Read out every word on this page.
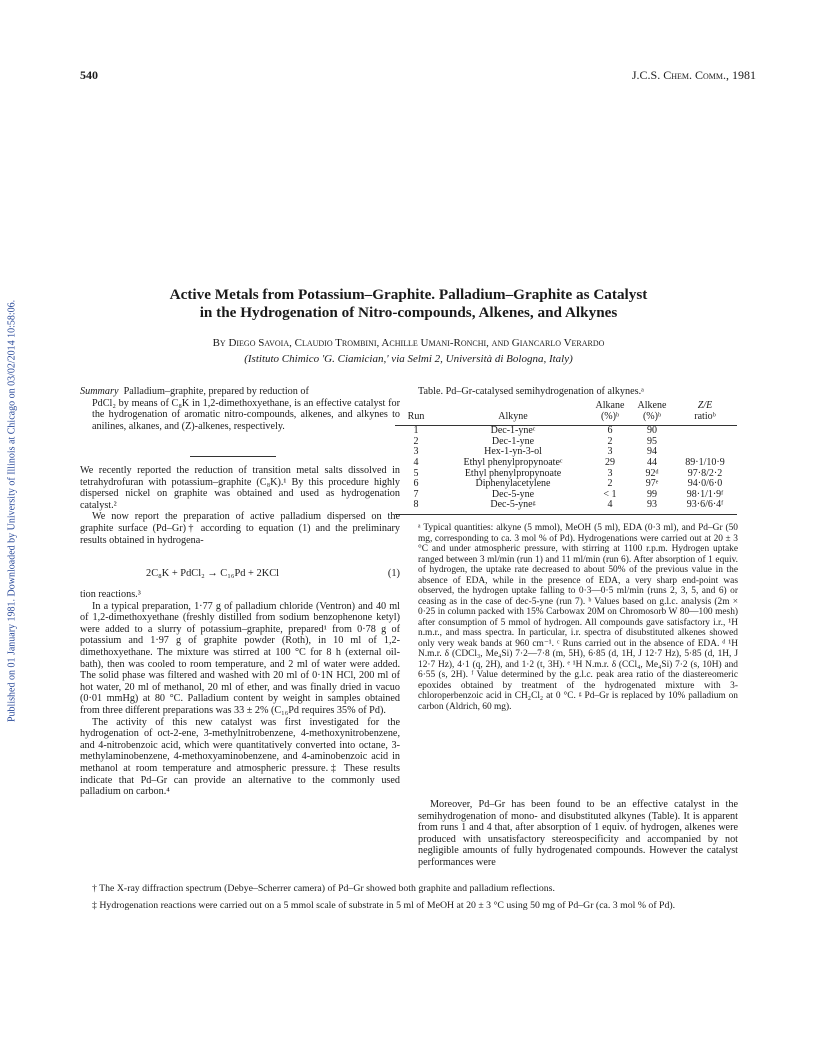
Published on 01 January 1981. Downloaded by University of Illinois at Chicago on 03/02/2014 10:58:06.
540	J.C.S. Chem. Comm., 1981
Active Metals from Potassium–Graphite. Palladium–Graphite as Catalyst
in the Hydrogenation of Nitro-compounds, Alkenes, and Alkynes
By Diego Savoia, Claudio Trombini, Achille Umani-Ronchi, and Giancarlo Verardo
(Istituto Chimico 'G. Ciamician,' via Selmi 2, Università di Bologna, Italy)

Summary Palladium–graphite, prepared by reduction of

PdCl₂ by means of C₈K in 1,2-dimethoxyethane, is an effective catalyst for the hydrogenation of aromatic nitro-compounds, alkenes, and alkynes to anilines, alkanes, and (Z)-alkenes, respectively.

We recently reported the reduction of transition metal salts dissolved in tetrahydrofuran with potassium–graphite (C₈K).¹ By this procedure highly dispersed nickel on graphite was obtained and used as hydrogenation catalyst.²

We now report the preparation of active palladium dispersed on the graphite surface (Pd–Gr)† according to equation (1) and the preliminary results obtained in hydrogena-

2C₈K + PdCl₂ → C₁₆Pd + 2KCl	(1)

tion reactions.³

In a typical preparation, 1·77 g of palladium chloride (Ventron) and 40 ml of 1,2-dimethoxyethane (freshly distilled from sodium benzophenone ketyl) were added to a slurry of potassium–graphite, prepared¹ from 0·78 g of potassium and 1·97 g of graphite powder (Roth), in 10 ml of 1,2-dimethoxyethane. The mixture was stirred at 100 °C for 8 h (external oil-bath), then was cooled to room temperature, and 2 ml of water were added. The solid phase was filtered and washed with 20 ml of 0·1N HCl, 200 ml of hot water, 20 ml of methanol, 20 ml of ether, and was finally dried in vacuo (0·01 mmHg) at 80 °C. Palladium content by weight in samples obtained from three different preparations was 33 ± 2% (C₁₆Pd requires 35% of Pd).

The activity of this new catalyst was first investigated for the hydrogenation of oct-2-ene, 3-methylnitrobenzene, 4-methoxynitrobenzene, and 4-nitrobenzoic acid, which were quantitatively converted into octane, 3-methylaminobenzene, 4-methoxyaminobenzene, and 4-aminobenzoic acid in methanol at room temperature and atmospheric pressure.‡ These results indicate that Pd–Gr can provide an alternative to the commonly used palladium on carbon.⁴

Table. Pd–Gr-catalysed semihydrogenation of alkynes.ᵃ
		Alkane	Alkene	Z/E
Run	Alkyne	(%)ᵇ	(%)ᵇ	ratioᵇ

1	Dec-1-yneᶜ	6	90	
2	Dec-1-yne	2	95	
3	Hex-1-yn-3-ol	3	94	
4	Ethyl phenylpropynoateᶜ	29	44	89·1/10·9
5	Ethyl phenylpropynoate	3	92ᵈ	97·8/2·2
6	Diphenylacetylene	2	97ᵉ	94·0/6·0
7	Dec-5-yne	< 1	99	98·1/1·9ᶠ
8	Dec-5-yneᵍ	4	93	93·6/6·4ᶠ

ᵃ Typical quantities: alkyne (5 mmol), MeOH (5 ml), EDA (0·3 ml), and Pd–Gr (50 mg, corresponding to ca. 3 mol % of Pd). Hydrogenations were carried out at 20 ± 3 °C and under atmospheric pressure, with stirring at 1100 r.p.m. Hydrogen uptake ranged between 3 ml/min (run 1) and 11 ml/min (run 6). After absorption of 1 equiv. of hydrogen, the uptake rate decreased to about 50% of the previous value in the absence of EDA, while in the presence of EDA, a very sharp end-point was observed, the hydrogen uptake falling to 0·3—0·5 ml/min (runs 2, 3, 5, and 6) or ceasing as in the case of dec-5-yne (run 7). ᵇ Values based on g.l.c. analysis (2m × 0·25 in column packed with 15% Carbowax 20M on Chromosorb W 80—100 mesh) after consumption of 5 mmol of hydrogen. All compounds gave satisfactory i.r., ¹H n.m.r., and mass spectra. In particular, i.r. spectra of disubstituted alkenes showed only very weak bands at 960 cm⁻¹. ᶜ Runs carried out in the absence of EDA. ᵈ ¹H N.m.r. δ (CDCl₃, Me₄Si) 7·2—7·8 (m, 5H), 6·85 (d, 1H, J 12·7 Hz), 5·85 (d, 1H, J 12·7 Hz), 4·1 (q, 2H), and 1·2 (t, 3H). ᵉ ¹H N.m.r. δ (CCl₄, Me₄Si) 7·2 (s, 10H) and 6·55 (s, 2H). ᶠ Value determined by the g.l.c. peak area ratio of the diastereomeric epoxides obtained by treatment of the hydrogenated mixture with 3-chloroperbenzoic acid in CH₂Cl₂ at 0 °C. ᵍ Pd–Gr is replaced by 10% palladium on carbon (Aldrich, 60 mg).

Moreover, Pd–Gr has been found to be an effective catalyst in the semihydrogenation of mono- and disubstituted alkynes (Table). It is apparent from runs 1 and 4 that, after absorption of 1 equiv. of hydrogen, alkenes were produced with unsatisfactory stereospecificity and accompanied by not negligible amounts of fully hydrogenated compounds. However the catalyst performances were

† The X-ray diffraction spectrum (Debye–Scherrer camera) of Pd–Gr showed both graphite and palladium reflections.

‡ Hydrogenation reactions were carried out on a 5 mmol scale of substrate in 5 ml of MeOH at 20 ± 3 °C using 50 mg of Pd–Gr (ca. 3 mol % of Pd).
